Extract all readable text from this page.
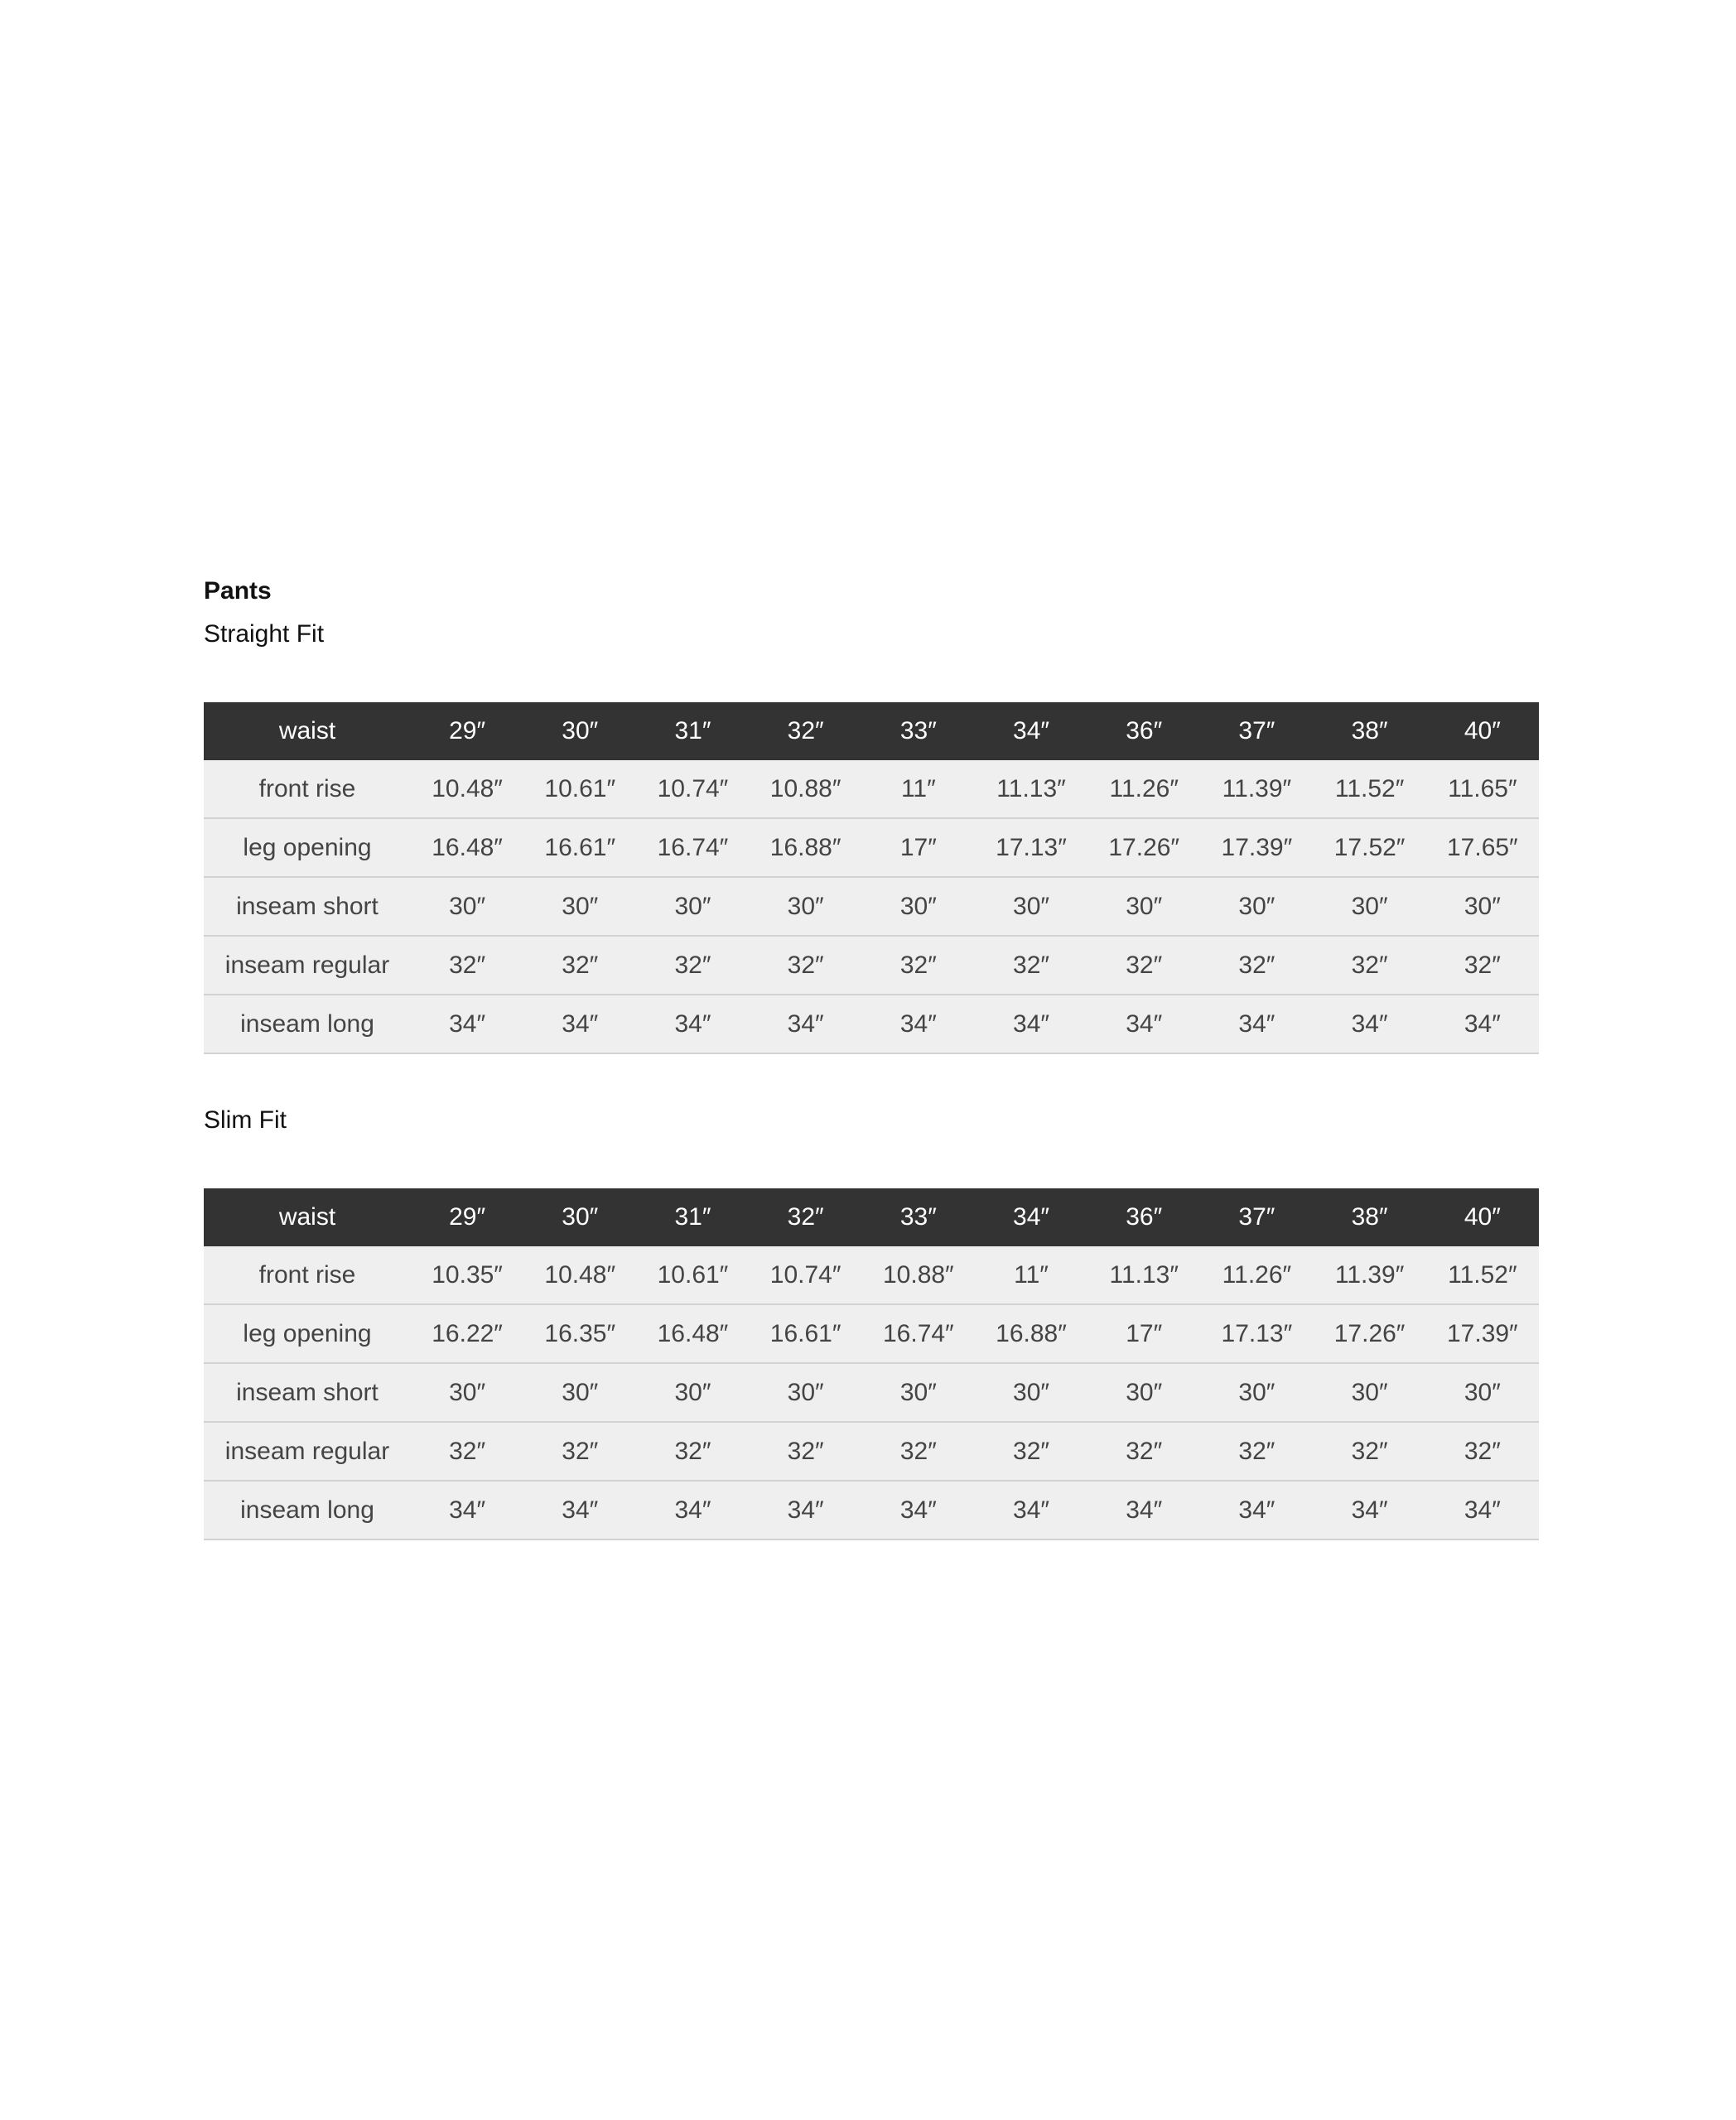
Pants
Straight Fit
waist	29″	30″	31″	32″	33″	34″	36″	37″	38″	40″
front rise	10.48″	10.61″	10.74″	10.88″	11″	11.13″	11.26″	11.39″	11.52″	11.65″
leg opening	16.48″	16.61″	16.74″	16.88″	17″	17.13″	17.26″	17.39″	17.52″	17.65″
inseam short	30″	30″	30″	30″	30″	30″	30″	30″	30″	30″
inseam regular	32″	32″	32″	32″	32″	32″	32″	32″	32″	32″
inseam long	34″	34″	34″	34″	34″	34″	34″	34″	34″	34″
Slim Fit
waist	29″	30″	31″	32″	33″	34″	36″	37″	38″	40″
front rise	10.35″	10.48″	10.61″	10.74″	10.88″	11″	11.13″	11.26″	11.39″	11.52″
leg opening	16.22″	16.35″	16.48″	16.61″	16.74″	16.88″	17″	17.13″	17.26″	17.39″
inseam short	30″	30″	30″	30″	30″	30″	30″	30″	30″	30″
inseam regular	32″	32″	32″	32″	32″	32″	32″	32″	32″	32″
inseam long	34″	34″	34″	34″	34″	34″	34″	34″	34″	34″
